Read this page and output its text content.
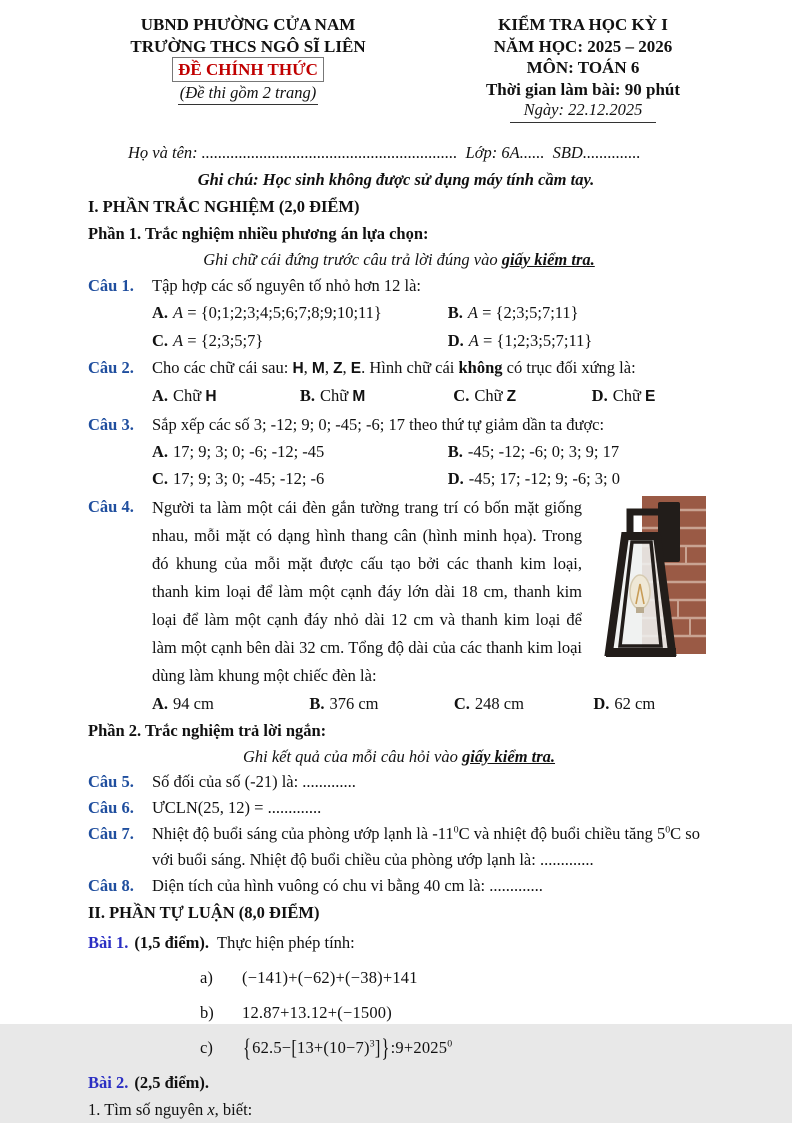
UBND PHƯỜNG CỬA NAM
TRƯỜNG THCS NGÔ SĨ LIÊN
ĐỀ CHÍNH THỨC
(Đề thi gồm 2 trang)
KIỂM TRA HỌC KỲ I
NĂM HỌC: 2025 – 2026
MÔN: TOÁN 6
Thời gian làm bài: 90 phút
Ngày: 22.12.2025
Họ và tên: .............................................................. Lớp: 6A...... SBD..............
Ghi chú: Học sinh không được sử dụng máy tính cầm tay.
I. PHẦN TRẮC NGHIỆM (2,0 ĐIỂM)
Phần 1. Trắc nghiệm nhiều phương án lựa chọn:
Ghi chữ cái đứng trước câu trả lời đúng vào giấy kiểm tra.
Câu 1.	Tập hợp các số nguyên tố nhỏ hơn 12 là:
A. A = {0;1;2;3;4;5;6;7;8;9;10;11}	B. A = {2;3;5;7;11}
C. A = {2;3;5;7}	D. A = {1;2;3;5;7;11}
Câu 2.	Cho các chữ cái sau: H, M, Z, E. Hình chữ cái không có trục đối xứng là:
A. Chữ H	B. Chữ M	C. Chữ Z	D. Chữ E
Câu 3.	Sắp xếp các số 3; -12; 9; 0; -45; -6; 17 theo thứ tự giảm dần ta được:
A. 17; 9; 3; 0; -6; -12; -45	B. -45; -12; -6; 0; 3; 9; 17
C. 17; 9; 3; 0; -45; -12; -6	D. -45; 17; -12; 9; -6; 3; 0
Câu 4.	Người ta làm một cái đèn gắn tường trang trí có bốn mặt giống nhau, mỗi mặt có dạng hình thang cân (hình minh họa). Trong đó khung của mỗi mặt được cấu tạo bởi các thanh kim loại, thanh kim loại để làm một cạnh đáy lớn dài 18 cm, thanh kim loại để làm một cạnh đáy nhỏ dài 12 cm và thanh kim loại để làm một cạnh bên dài 32 cm. Tổng độ dài của các thanh kim loại dùng làm khung một chiếc đèn là:
A. 94 cm	B. 376 cm	C. 248 cm	D. 62 cm
Phần 2. Trắc nghiệm trả lời ngắn:
Ghi kết quả của mỗi câu hỏi vào giấy kiểm tra.
Câu 5.	Số đối của số (-21) là: .............
Câu 6.	ƯCLN(25, 12) = .............
Câu 7.	Nhiệt độ buổi sáng của phòng ướp lạnh là $-11^0C$ và nhiệt độ buổi chiều tăng $5^0C$ so với buổi sáng. Nhiệt độ buổi chiều của phòng ướp lạnh là: .............
Câu 8.	Diện tích của hình vuông có chu vi bằng 40 cm là: .............
II. PHẦN TỰ LUẬN (8,0 ĐIỂM)
Bài 1. (1,5 điểm). Thực hiện phép tính:
a)	(−141)+(−62)+(−38)+141
b)	12.87+13.12+(−1500)
c)	$\{62.5-[13+(10-7)^3]\}:9+2025^0$
Bài 2. (2,5 điểm).
1. Tìm số nguyên x, biết:
